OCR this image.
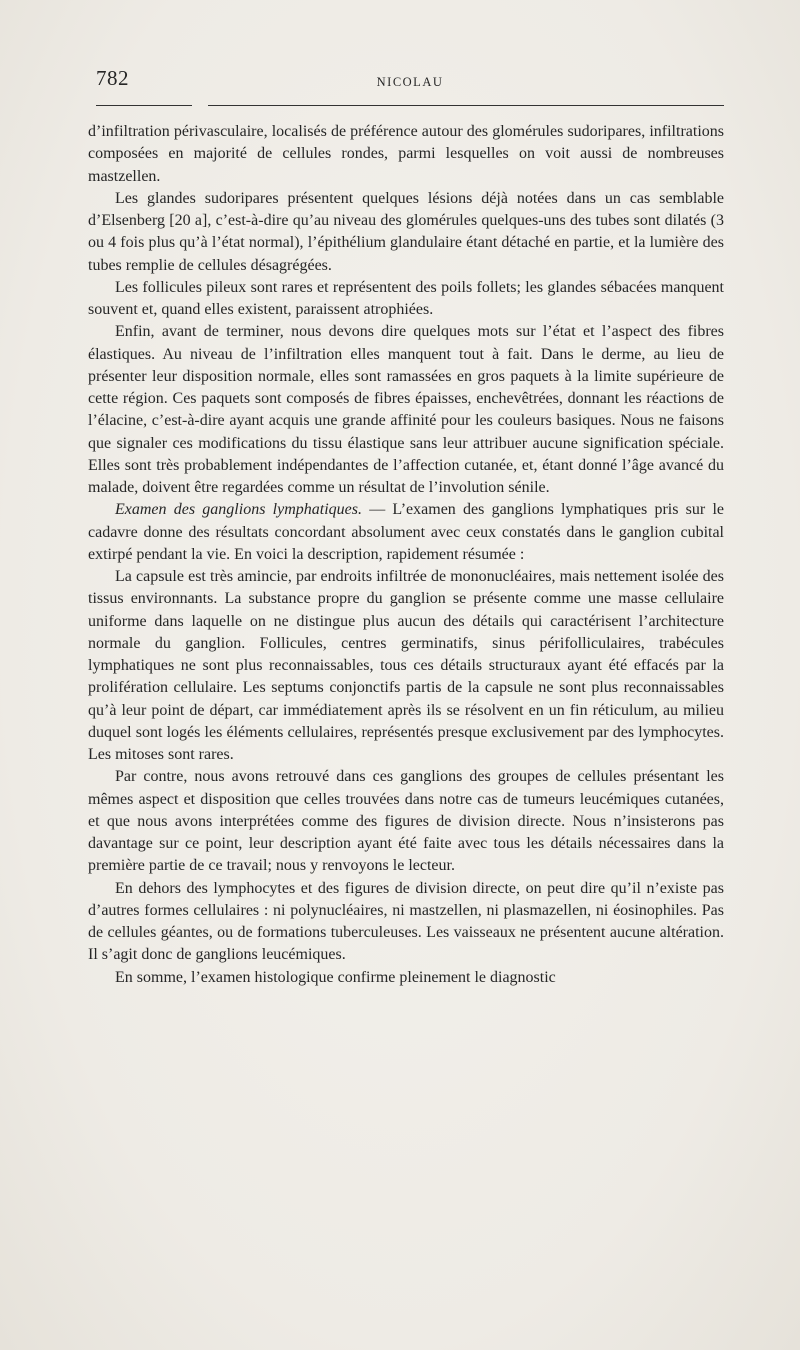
782	NICOLAU

d’infiltration périvasculaire, localisés de préférence autour des glomérules sudoripares, infiltrations composées en majorité de cellules rondes, parmi lesquelles on voit aussi de nombreuses mastzellen.

Les glandes sudoripares présentent quelques lésions déjà notées dans un cas semblable d’Elsenberg [20 a], c’est-à-dire qu’au niveau des glomérules quelques-uns des tubes sont dilatés (3 ou 4 fois plus qu’à l’état normal), l’épithélium glandulaire étant détaché en partie, et la lumière des tubes remplie de cellules désagrégées.

Les follicules pileux sont rares et représentent des poils follets; les glandes sébacées manquent souvent et, quand elles existent, paraissent atrophiées.

Enfin, avant de terminer, nous devons dire quelques mots sur l’état et l’aspect des fibres élastiques. Au niveau de l’infiltration elles manquent tout à fait. Dans le derme, au lieu de présenter leur disposition normale, elles sont ramassées en gros paquets à la limite supérieure de cette région. Ces paquets sont composés de fibres épaisses, enchevêtrées, donnant les réactions de l’élacine, c’est-à-dire ayant acquis une grande affinité pour les couleurs basiques. Nous ne faisons que signaler ces modifications du tissu élastique sans leur attribuer aucune signification spéciale. Elles sont très probablement indépendantes de l’affection cutanée, et, étant donné l’âge avancé du malade, doivent être regardées comme un résultat de l’involution sénile.

Examen des ganglions lymphatiques. — L’examen des ganglions lymphatiques pris sur le cadavre donne des résultats concordant absolument avec ceux constatés dans le ganglion cubital extirpé pendant la vie. En voici la description, rapidement résumée :

La capsule est très amincie, par endroits infiltrée de mononucléaires, mais nettement isolée des tissus environnants. La substance propre du ganglion se présente comme une masse cellulaire uniforme dans laquelle on ne distingue plus aucun des détails qui caractérisent l’architecture normale du ganglion. Follicules, centres germinatifs, sinus périfolliculaires, trabécules lymphatiques ne sont plus reconnaissables, tous ces détails structuraux ayant été effacés par la prolifération cellulaire. Les septums conjonctifs partis de la capsule ne sont plus reconnaissables qu’à leur point de départ, car immédiatement après ils se résolvent en un fin réticulum, au milieu duquel sont logés les éléments cellulaires, représentés presque exclusivement par des lymphocytes. Les mitoses sont rares.

Par contre, nous avons retrouvé dans ces ganglions des groupes de cellules présentant les mêmes aspect et disposition que celles trouvées dans notre cas de tumeurs leucémiques cutanées, et que nous avons interprétées comme des figures de division directe. Nous n’insisterons pas davantage sur ce point, leur description ayant été faite avec tous les détails nécessaires dans la première partie de ce travail; nous y renvoyons le lecteur.

En dehors des lymphocytes et des figures de division directe, on peut dire qu’il n’existe pas d’autres formes cellulaires : ni polynucléaires, ni mastzellen, ni plasmazellen, ni éosinophiles. Pas de cellules géantes, ou de formations tuberculeuses. Les vaisseaux ne présentent aucune altération. Il s’agit donc de ganglions leucémiques.

En somme, l’examen histologique confirme pleinement le diagnostic
